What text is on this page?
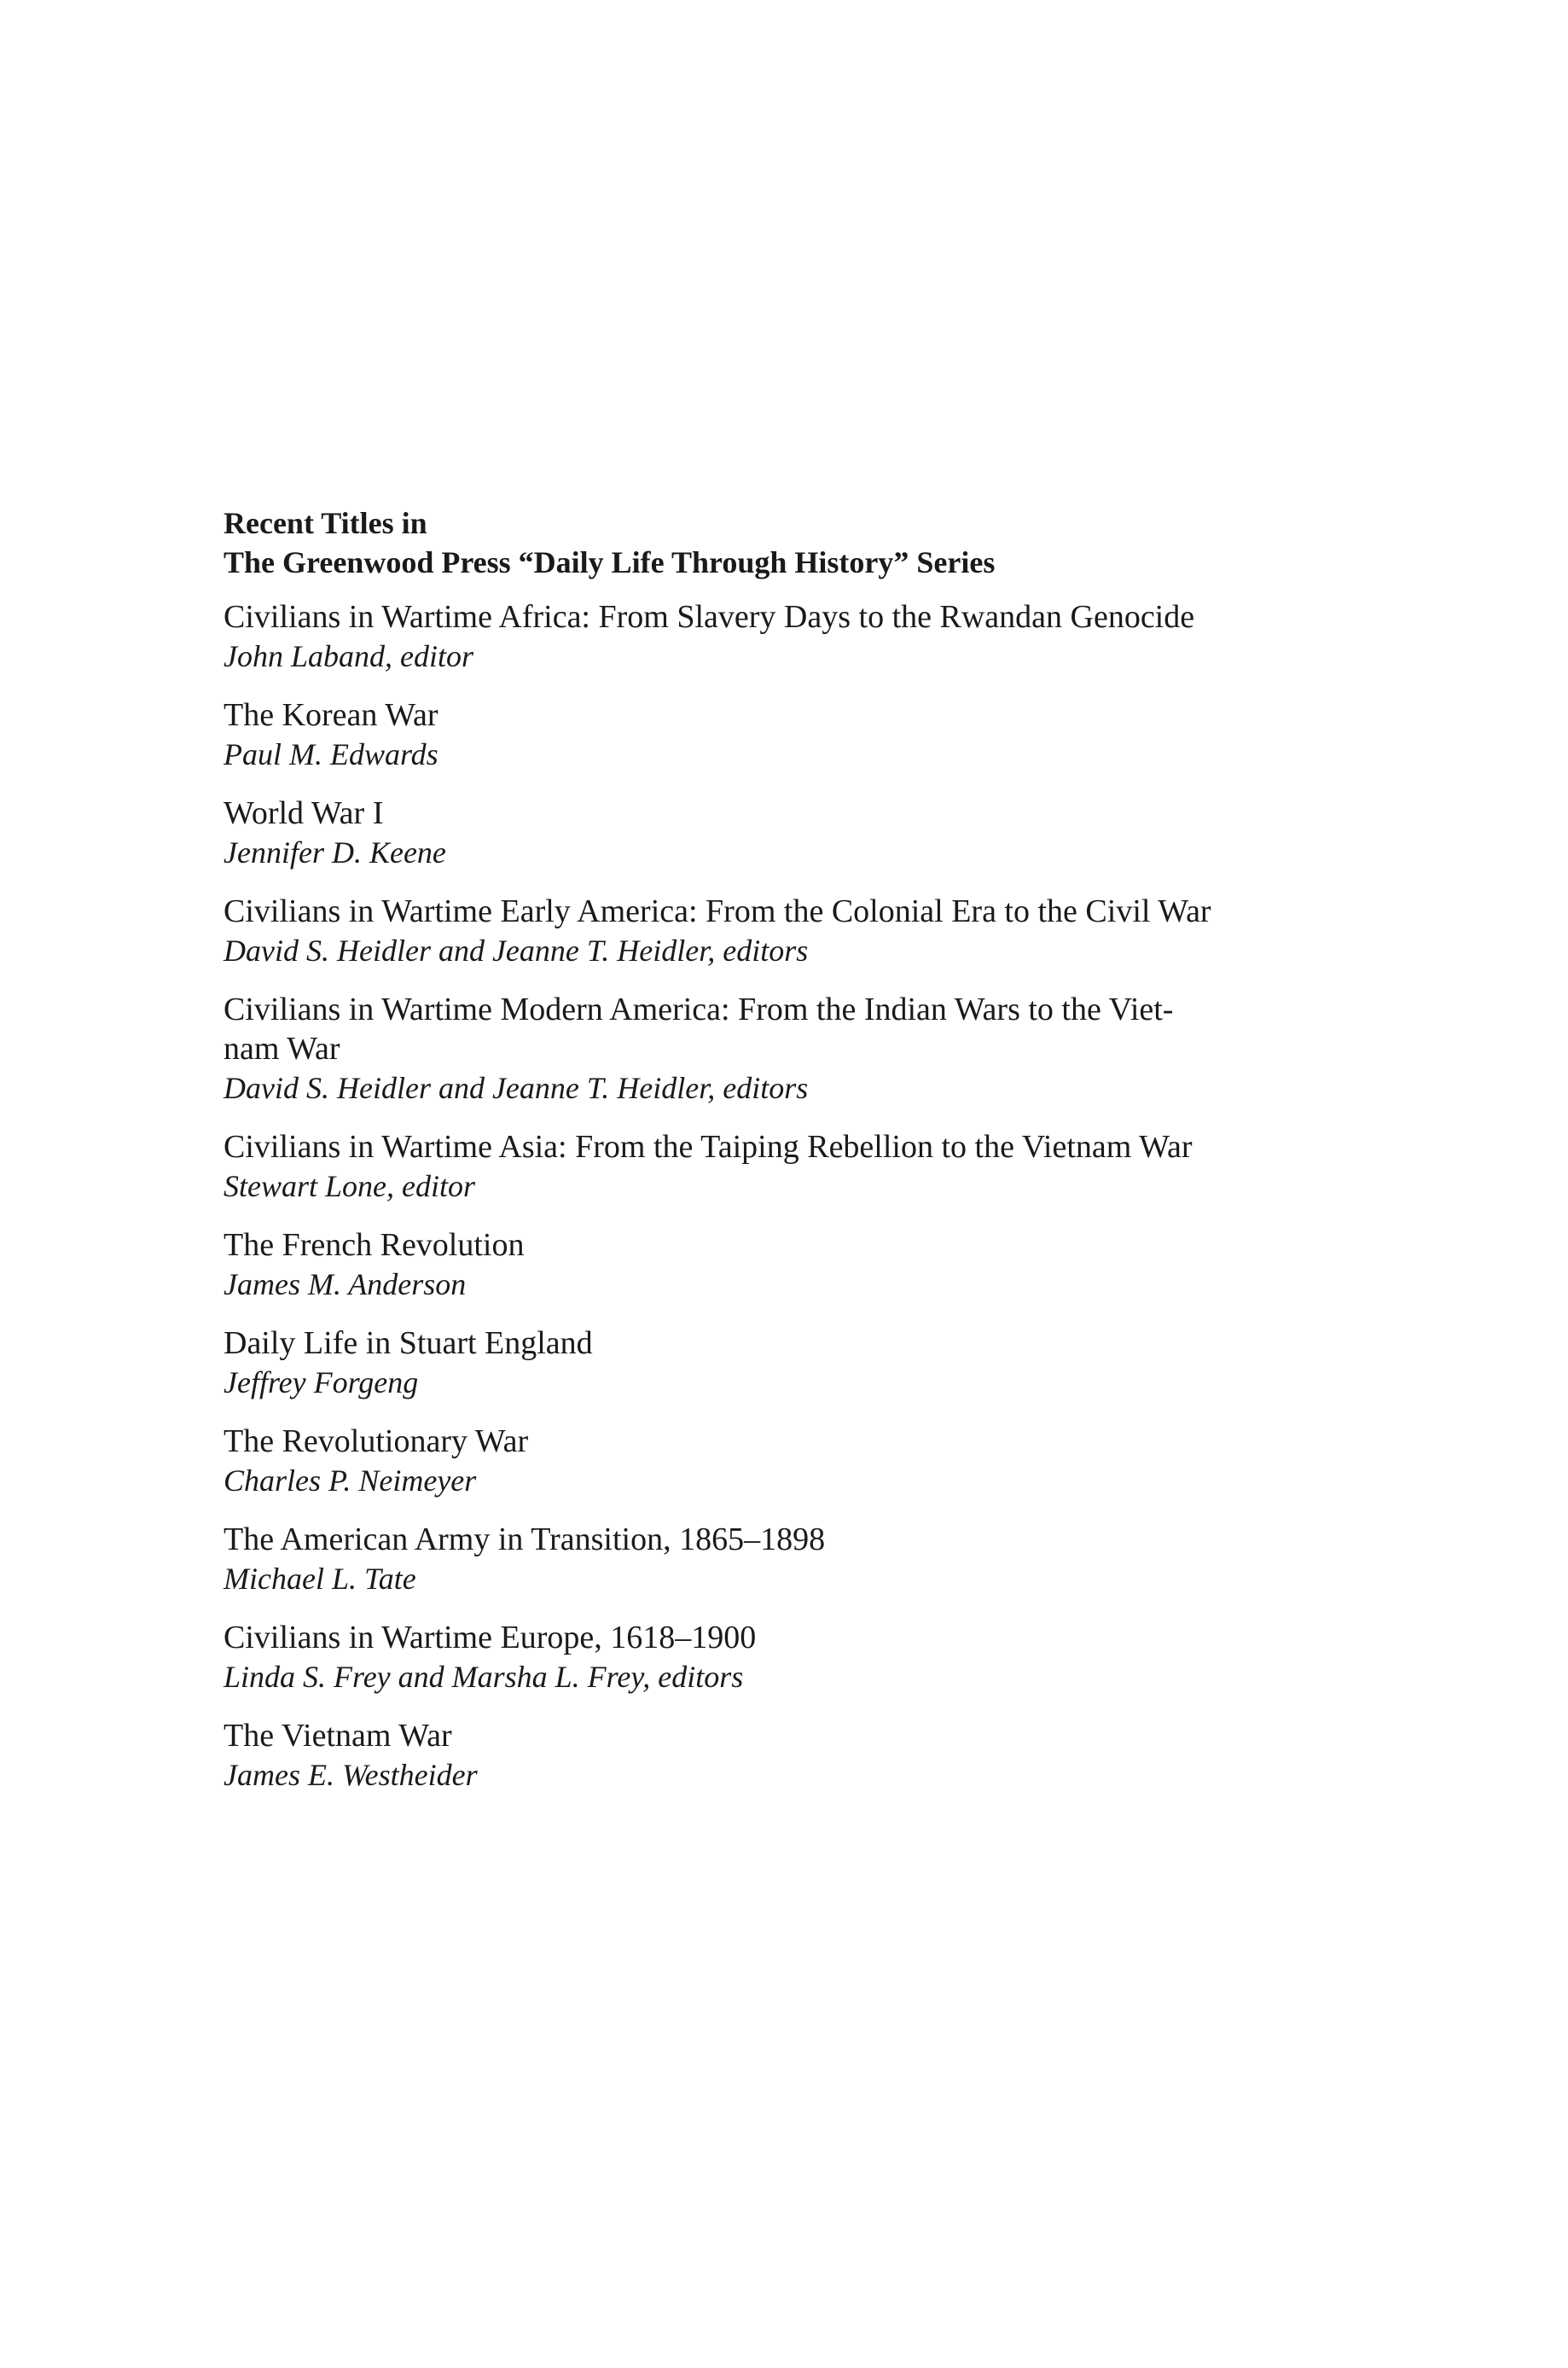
Recent Titles in
The Greenwood Press “Daily Life Through History” Series
Civilians in Wartime Africa: From Slavery Days to the Rwandan Genocide
John Laband, editor
The Korean War
Paul M. Edwards
World War I
Jennifer D. Keene
Civilians in Wartime Early America: From the Colonial Era to the Civil War
David S. Heidler and Jeanne T. Heidler, editors
Civilians in Wartime Modern America: From the Indian Wars to the Viet-
nam War
David S. Heidler and Jeanne T. Heidler, editors
Civilians in Wartime Asia: From the Taiping Rebellion to the Vietnam War
Stewart Lone, editor
The French Revolution
James M. Anderson
Daily Life in Stuart England
Jeffrey Forgeng
The Revolutionary War
Charles P. Neimeyer
The American Army in Transition, 1865–1898
Michael L. Tate
Civilians in Wartime Europe, 1618–1900
Linda S. Frey and Marsha L. Frey, editors
The Vietnam War
James E. Westheider
